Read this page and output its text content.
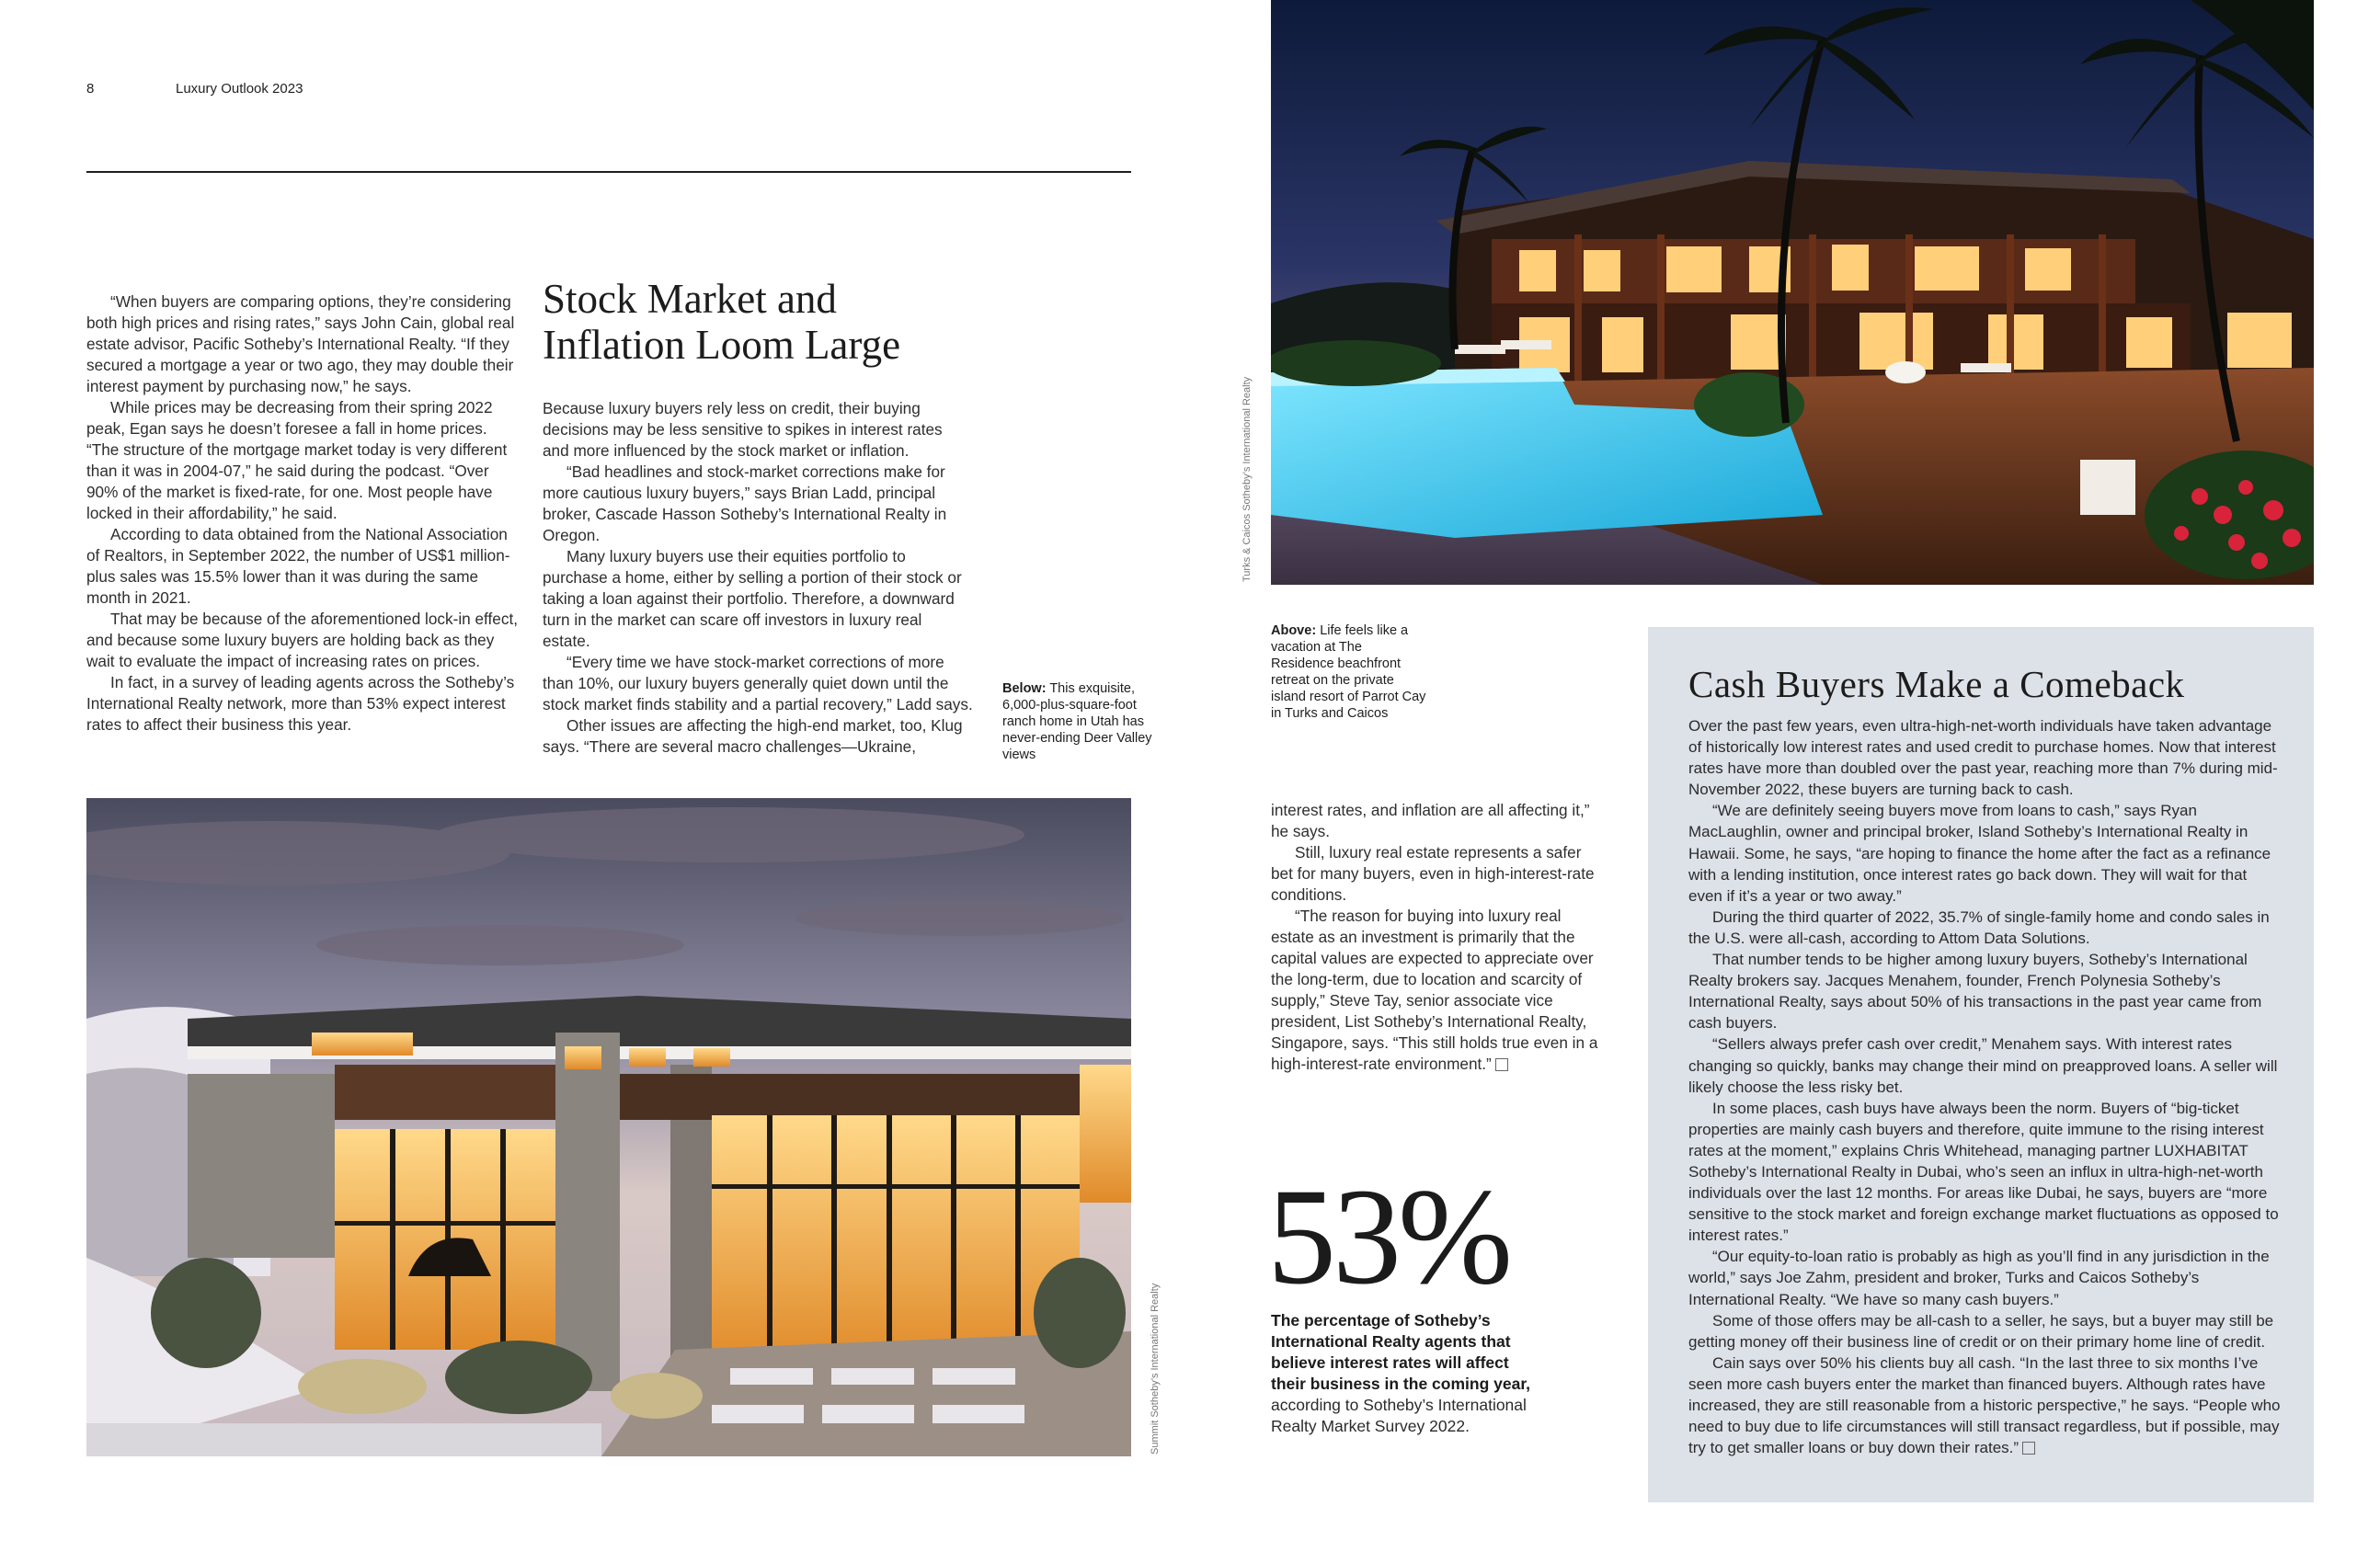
8	Luxury Outlook 2023

“When buyers are comparing options, they’re considering both high prices and rising rates,” says John Cain, global real estate advisor, Pacific Sotheby’s International Realty. “If they secured a mortgage a year or two ago, they may double their interest payment by purchasing now,” he says.

While prices may be decreasing from their spring 2022 peak, Egan says he doesn’t foresee a fall in home prices. “The structure of the mortgage market today is very different than it was in 2004-07,” he said during the podcast. “Over 90% of the market is fixed-rate, for one. Most people have locked in their affordability,” he said.

According to data obtained from the National Association of Realtors, in September 2022, the number of US$1 million-plus sales was 15.5% lower than it was during the same month in 2021.

That may be because of the aforementioned lock-in effect, and because some luxury buyers are holding back as they wait to evaluate the impact of increasing rates on prices.

In fact, in a survey of leading agents across the Sotheby’s International Realty network, more than 53% expect interest rates to affect their business this year.

Stock Market and Inflation Loom Large

Because luxury buyers rely less on credit, their buying decisions may be less sensitive to spikes in interest rates and more influenced by the stock market or inflation.

“Bad headlines and stock-market corrections make for more cautious luxury buyers,” says Brian Ladd, principal broker, Cascade Hasson Sotheby’s International Realty in Oregon.

Many luxury buyers use their equities portfolio to purchase a home, either by selling a portion of their stock or taking a loan against their portfolio. Therefore, a downward turn in the market can scare off investors in luxury real estate.

“Every time we have stock-market corrections of more than 10%, our luxury buyers generally quiet down until the stock market finds stability and a partial recovery,” Ladd says.

Other issues are affecting the high-end market, too, Klug says. “There are several macro challenges—Ukraine,

Below: This exquisite, 6,000-plus-square-foot ranch home in Utah has never-ending Deer Valley views
Turks & Caicos Sotheby’s International Realty
Above: Life feels like a vacation at The Residence beachfront retreat on the private island resort of Parrot Cay in Turks and Caicos

interest rates, and inflation are all affecting it,” he says.

Still, luxury real estate represents a safer bet for many buyers, even in high-interest-rate conditions.

“The reason for buying into luxury real estate as an investment is primarily that the capital values are expected to appreciate over the long-term, due to location and scarcity of supply,” Steve Tay, senior associate vice president, List Sotheby’s International Realty, Singapore, says. “This still holds true even in a high-interest-rate environment.”

53%
The percentage of Sotheby’s International Realty agents that believe interest rates will affect their business in the coming year, according to Sotheby’s International Realty Market Survey 2022.
Summit Sotheby’s International Realty
Cash Buyers Make a Comeback

Over the past few years, even ultra-high-net-worth individuals have taken advantage of historically low interest rates and used credit to purchase homes. Now that interest rates have more than doubled over the past year, reaching more than 7% during mid-November 2022, these buyers are turning back to cash.

“We are definitely seeing buyers move from loans to cash,” says Ryan MacLaughlin, owner and principal broker, Island Sotheby’s International Realty in Hawaii. Some, he says, “are hoping to finance the home after the fact as a refinance with a lending institution, once interest rates go back down. They will wait for that even if it’s a year or two away.”

During the third quarter of 2022, 35.7% of single-family home and condo sales in the U.S. were all-cash, according to Attom Data Solutions.

That number tends to be higher among luxury buyers, Sotheby’s International Realty brokers say. Jacques Menahem, founder, French Polynesia Sotheby’s International Realty, says about 50% of his transactions in the past year came from cash buyers.

“Sellers always prefer cash over credit,” Menahem says. With interest rates changing so quickly, banks may change their mind on preapproved loans. A seller will likely choose the less risky bet.

In some places, cash buys have always been the norm. Buyers of “big-ticket properties are mainly cash buyers and therefore, quite immune to the rising interest rates at the moment,” explains Chris Whitehead, managing partner LUXHABITAT Sotheby’s International Realty in Dubai, who’s seen an influx in ultra-high-net-worth individuals over the last 12 months. For areas like Dubai, he says, buyers are “more sensitive to the stock market and foreign exchange market fluctuations as opposed to interest rates.”

“Our equity-to-loan ratio is probably as high as you’ll find in any jurisdiction in the world,” says Joe Zahm, president and broker, Turks and Caicos Sotheby’s International Realty. “We have so many cash buyers.”

Some of those offers may be all-cash to a seller, he says, but a buyer may still be getting money off their business line of credit or on their primary home line of credit.

Cain says over 50% his clients buy all cash. “In the last three to six months I’ve seen more cash buyers enter the market than financed buyers. Although rates have increased, they are still reasonable from a historic perspective,” he says. “People who need to buy due to life circumstances will still transact regardless, but if possible, may try to get smaller loans or buy down their rates.”
